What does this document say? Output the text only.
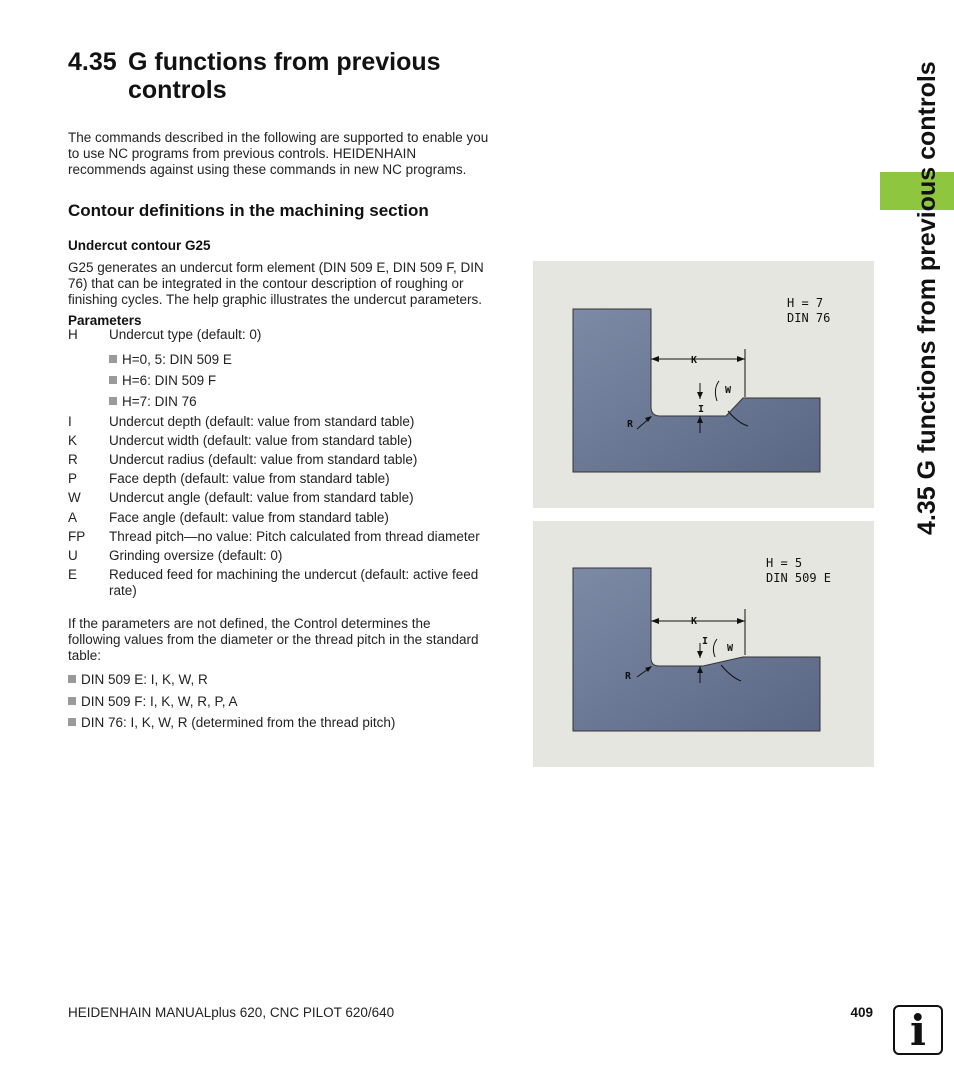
4.35 G functions from previous
controls
The commands described in the following are supported to enable you
to use NC programs from previous controls. HEIDENHAIN
recommends against using these commands in new NC programs.
Contour definitions in the machining section
Undercut contour G25
G25 generates an undercut form element (DIN 509 E, DIN 509 F, DIN
76) that can be integrated in the contour description of roughing or
finishing cycles. The help graphic illustrates the undercut parameters.
Parameters
H Undercut type (default: 0)
H=0, 5: DIN 509 E
H=6: DIN 509 F
H=7: DIN 76
I	Undercut depth (default: value from standard table)
K Undercut width (default: value from standard table)
R Undercut radius (default: value from standard table)
P Face depth (default: value from standard table)
W Undercut angle (default: value from standard table)
A Face angle (default: value from standard table)
FP Thread pitch—no value: Pitch calculated from thread diameter
U Grinding oversize (default: 0)
E Reduced feed for machining the undercut (default: active feed
rate)
If the parameters are not defined, the Control determines the
following values from the diameter or the thread pitch in the standard
table:
DIN 509 E: I, K, W, R
DIN 509 F: I, K, W, R, P, A
DIN 76: I, K, W, R (determined from the thread pitch)
H = 7
DIN 76
K
W
I
R
H = 5
DIN 509 E
K
I
W
R
4.35 G functions from previous controls
HEIDENHAIN MANUALplus 620, CNC PILOT 620/640	409 i
